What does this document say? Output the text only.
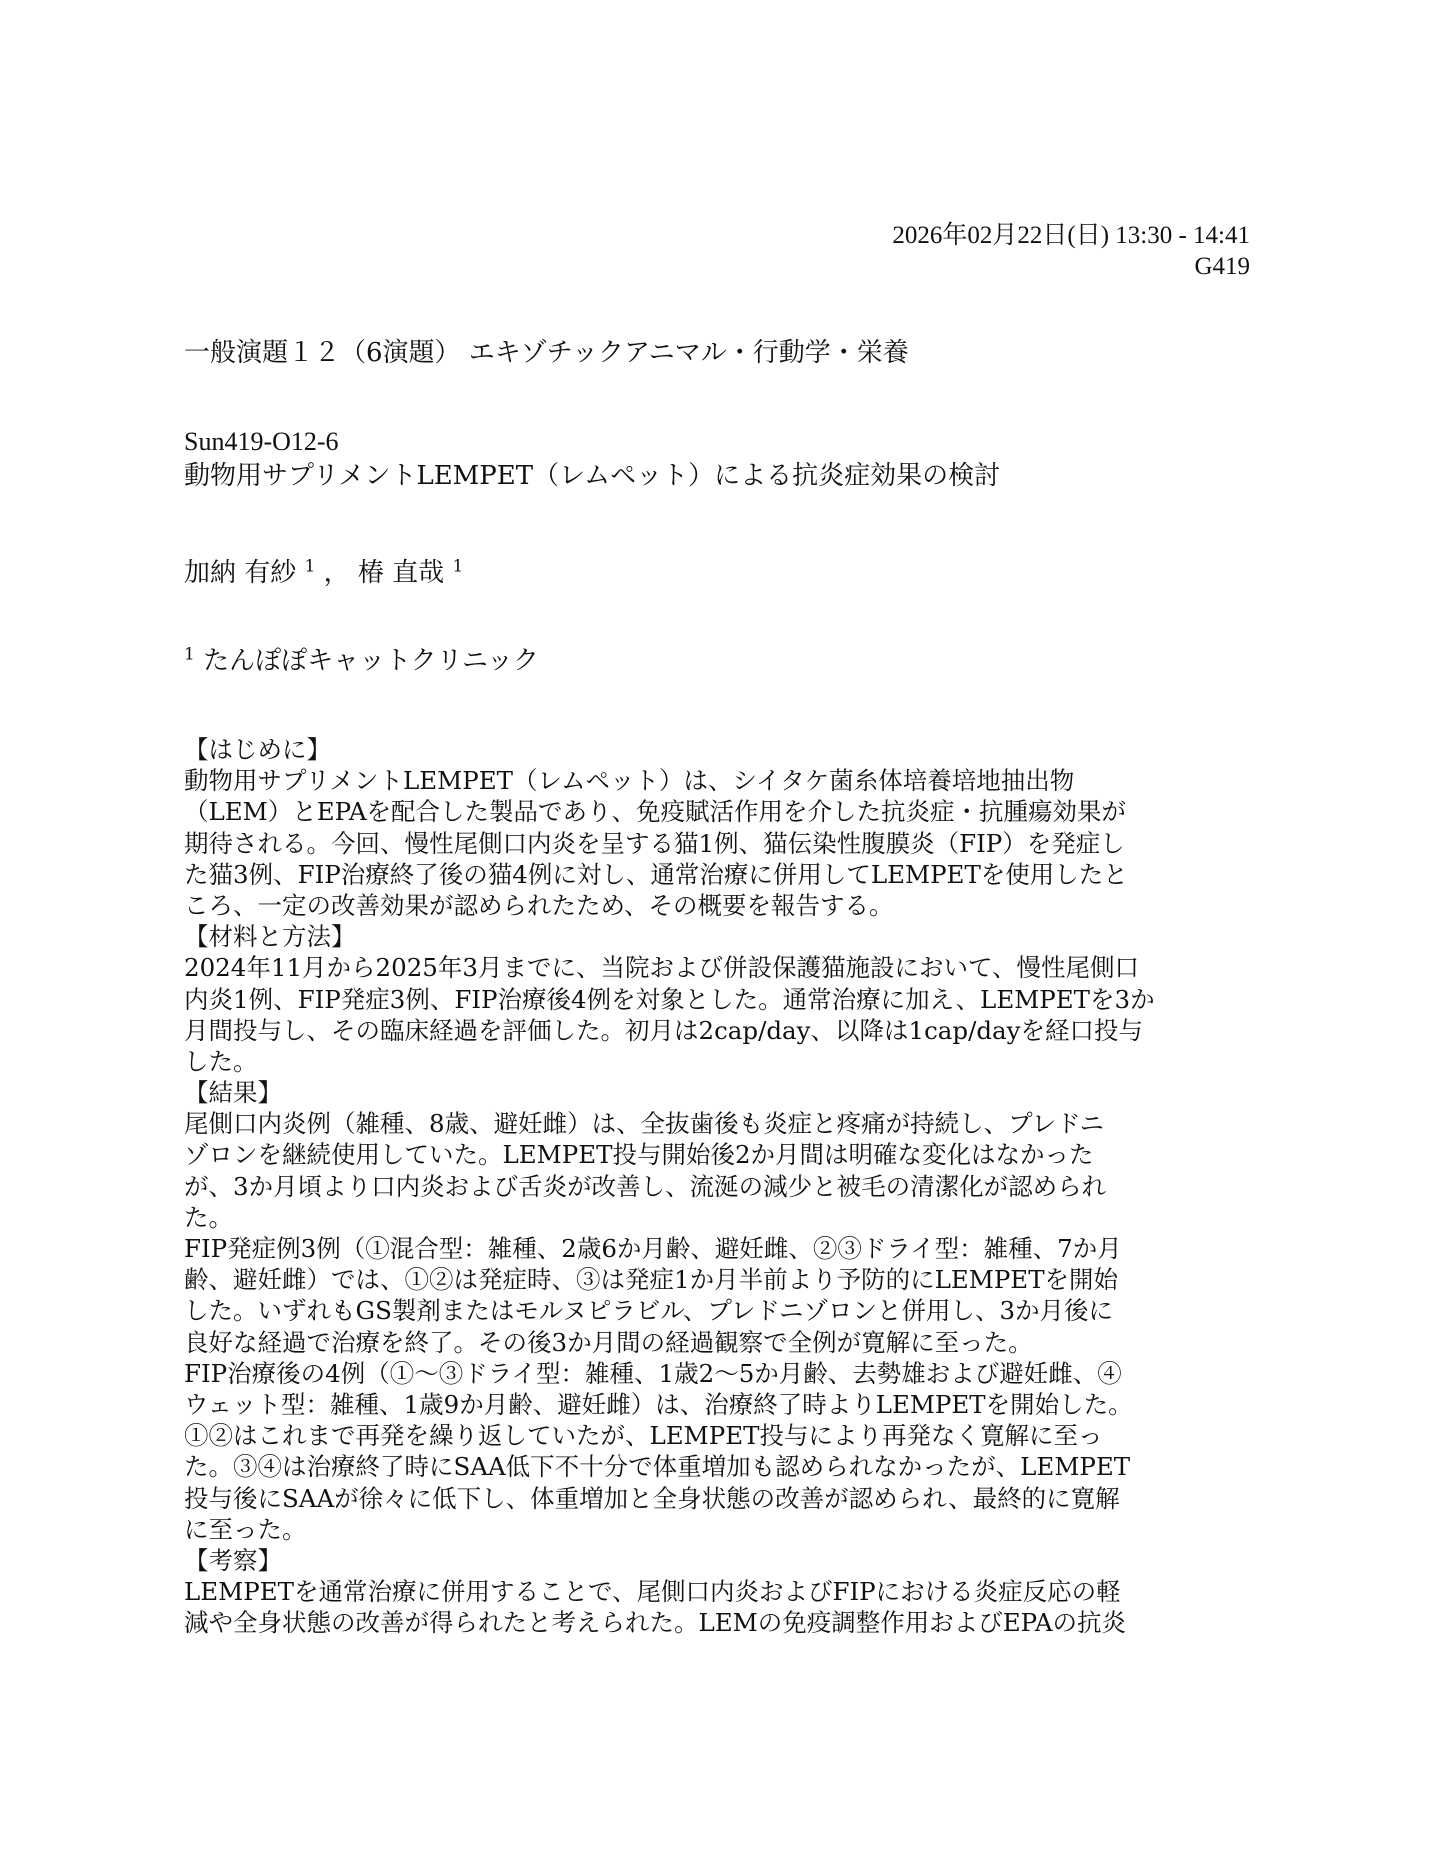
2026年02月22日(日) 13:30 - 14:41
G419
一般演題１２（6演題） エキゾチックアニマル・行動学・栄養
Sun419-O12-6
動物用サプリメントLEMPET（レムペット）による抗炎症効果の検討
加納 有紗 $^1$ ， 椿 直哉 $^1$
$^1$ たんぽぽキャットクリニック
【はじめに】
動物用サプリメントLEMPET（レムペット）は、シイタケ菌糸体培養培地抽出物
（LEM）とEPAを配合した製品であり、免疫賦活作用を介した抗炎症・抗腫瘍効果が
期待される。今回、慢性尾側口内炎を呈する猫1例、猫伝染性腹膜炎（FIP）を発症し
た猫3例、FIP治療終了後の猫4例に対し、通常治療に併用してLEMPETを使用したと
ころ、一定の改善効果が認められたため、その概要を報告する。
【材料と方法】
2024年11月から2025年3月までに、当院および併設保護猫施設において、慢性尾側口
内炎1例、FIP発症3例、FIP治療後4例を対象とした。通常治療に加え、LEMPETを3か
月間投与し、その臨床経過を評価した。初月は2cap/day、以降は1cap/dayを経口投与
した。
【結果】
尾側口内炎例（雑種、8歳、避妊雌）は、全抜歯後も炎症と疼痛が持続し、プレドニ
ゾロンを継続使用していた。LEMPET投与開始後2か月間は明確な変化はなかった
が、3か月頃より口内炎および舌炎が改善し、流涎の減少と被毛の清潔化が認められ
た。
FIP発症例3例（①混合型：雑種、2歳6か月齢、避妊雌、②③ドライ型：雑種、7か月
齢、避妊雌）では、①②は発症時、③は発症1か月半前より予防的にLEMPETを開始
した。いずれもGS製剤またはモルヌピラビル、プレドニゾロンと併用し、3か月後に
良好な経過で治療を終了。その後3か月間の経過観察で全例が寛解に至った。
FIP治療後の4例（①～③ドライ型：雑種、1歳2～5か月齢、去勢雄および避妊雌、④
ウェット型：雑種、1歳9か月齢、避妊雌）は、治療終了時よりLEMPETを開始した。
①②はこれまで再発を繰り返していたが、LEMPET投与により再発なく寛解に至っ
た。③④は治療終了時にSAA低下不十分で体重増加も認められなかったが、LEMPET
投与後にSAAが徐々に低下し、体重増加と全身状態の改善が認められ、最終的に寛解
に至った。
【考察】
LEMPETを通常治療に併用することで、尾側口内炎およびFIPにおける炎症反応の軽
減や全身状態の改善が得られたと考えられた。LEMの免疫調整作用およびEPAの抗炎
